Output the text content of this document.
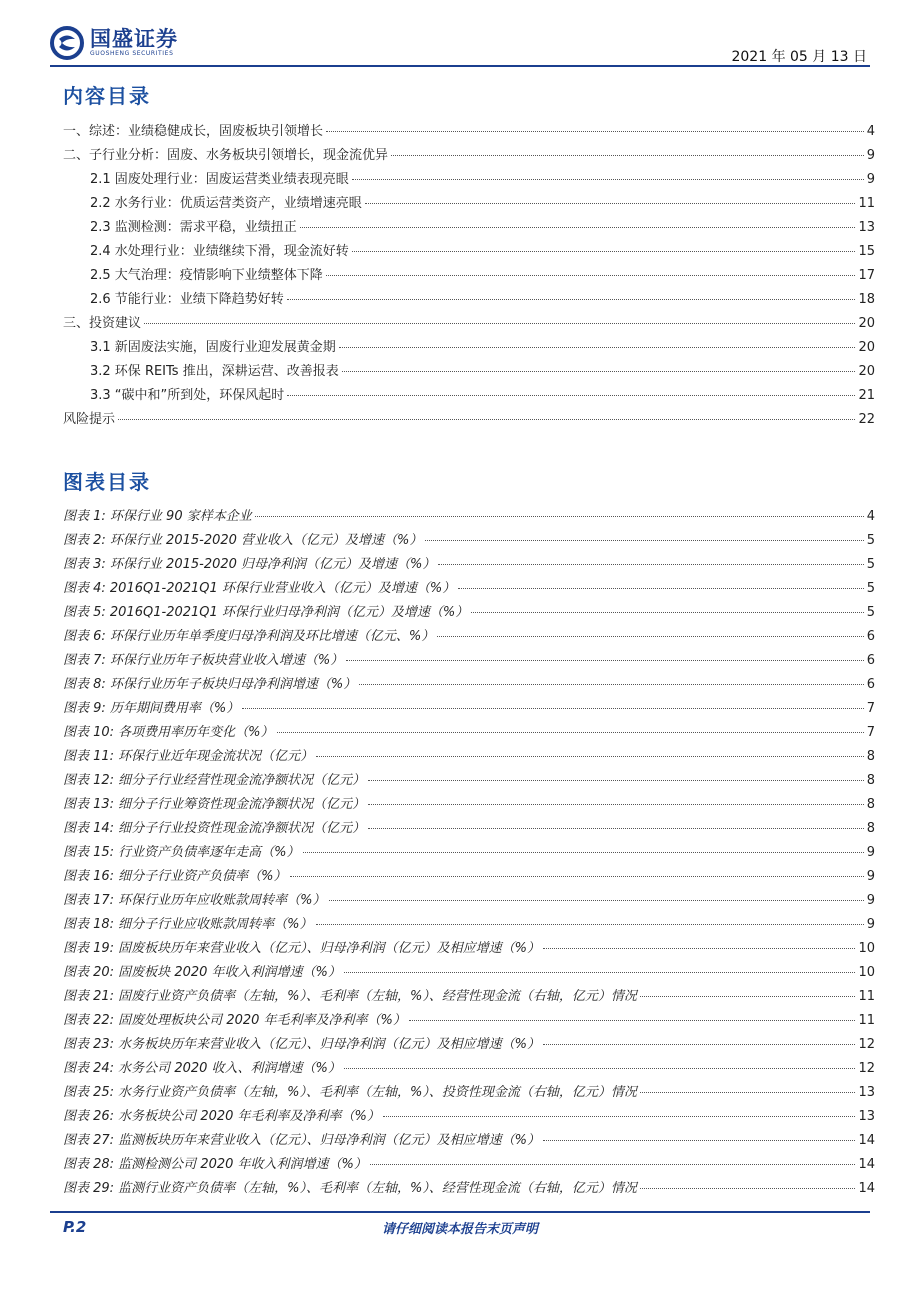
国盛证券
GUOSHENG SECURITIES	2021 年 05 月 13 日
内容目录
一、综述：业绩稳健成长，固废板块引领增长	4
二、子行业分析：固废、水务板块引领增长，现金流优异	9
2.1 固废处理行业：固废运营类业绩表现亮眼	9
2.2 水务行业：优质运营类资产，业绩增速亮眼	11
2.3 监测检测：需求平稳，业绩扭正	13
2.4 水处理行业：业绩继续下滑，现金流好转	15
2.5 大气治理：疫情影响下业绩整体下降	17
2.6 节能行业：业绩下降趋势好转	18
三、投资建议	20
3.1 新固废法实施，固废行业迎发展黄金期	20
3.2 环保 REITs 推出，深耕运营、改善报表	20
3.3 “碳中和”所到处，环保风起时	21
风险提示	22
图表目录
图表 1: 环保行业 90 家样本企业	4
图表 2: 环保行业 2015-2020 营业收入（亿元）及增速（%）	5
图表 3: 环保行业 2015-2020 归母净利润（亿元）及增速（%）	5
图表 4: 2016Q1-2021Q1 环保行业营业收入（亿元）及增速（%）	5
图表 5: 2016Q1-2021Q1 环保行业归母净利润（亿元）及增速（%）	5
图表 6: 环保行业历年单季度归母净利润及环比增速（亿元、%）	6
图表 7: 环保行业历年子板块营业收入增速（%）	6
图表 8: 环保行业历年子板块归母净利润增速（%）	6
图表 9: 历年期间费用率（%）	7
图表 10: 各项费用率历年变化（%）	7
图表 11: 环保行业近年现金流状况（亿元）	8
图表 12: 细分子行业经营性现金流净额状况（亿元）	8
图表 13: 细分子行业筹资性现金流净额状况（亿元）	8
图表 14: 细分子行业投资性现金流净额状况（亿元）	8
图表 15: 行业资产负债率逐年走高（%）	9
图表 16: 细分子行业资产负债率（%）	9
图表 17: 环保行业历年应收账款周转率（%）	9
图表 18: 细分子行业应收账款周转率（%）	9
图表 19: 固废板块历年来营业收入（亿元）、归母净利润（亿元）及相应增速（%）	10
图表 20: 固废板块 2020 年收入利润增速（%）	10
图表 21: 固废行业资产负债率（左轴，%）、毛利率（左轴，%）、经营性现金流（右轴，亿元）情况	11
图表 22: 固废处理板块公司 2020 年毛利率及净利率（%）	11
图表 23: 水务板块历年来营业收入（亿元）、归母净利润（亿元）及相应增速（%）	12
图表 24: 水务公司 2020 收入、利润增速（%）	12
图表 25: 水务行业资产负债率（左轴，%）、毛利率（左轴，%）、投资性现金流（右轴，亿元）情况	13
图表 26: 水务板块公司 2020 年毛利率及净利率（%）	13
图表 27: 监测板块历年来营业收入（亿元）、归母净利润（亿元）及相应增速（%）	14
图表 28: 监测检测公司 2020 年收入利润增速（%）	14
图表 29: 监测行业资产负债率（左轴，%）、毛利率（左轴，%）、经营性现金流（右轴，亿元）情况	14
P.2	请仔细阅读本报告末页声明
